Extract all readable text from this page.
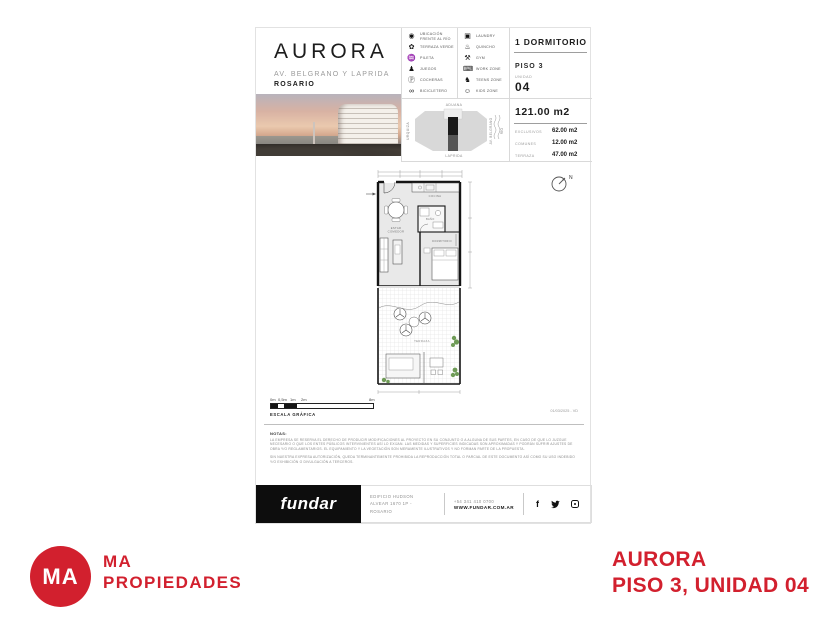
AURORA
AV. BELGRANO Y LAPRIDA
ROSARIO
◉	UBICACIÓN FRENTE AL RÍO
✿	TERRAZA VERDE
♒ PILETA
♟	JUEGOS
Ⓟ COCHERAS
∞	BICICLETERO
▣	LAUNDRY
♨	QUINCHO
⚒	GYM
⌨ WORK ZONE
♞	TEENS ZONE
☺ KIDS ZONE
1 DORMITORIO
PISO 3
UNIDAD
04
ADUANA
URQUIZA
LAPRIDA
AV. BELGRANO RÍO
121.00 m2
EXCLUSIVOS 62.00 m2
COMUNES	12.00 m2
TERRAZA	47.00 m2
N
COCINA
ESTAR
COMEDOR
BAÑO
DORMITORIO
TERRAZA
0m 0,5m 1m 2m	8m
ESCALA GRÁFICA
01/03/2025 - VD
NOTAS:

LA EMPRESA SE RESERVA EL DERECHO DE PRODUCIR MODIFICACIONES AL PROYECTO EN SU CONJUNTO O A ALGUNA DE SUS PARTES, EN CASO DE QUE LO JUZGUE NECESARIO O QUE LOS ENTES PÚBLICOS INTERVINIENTES ASÍ LO EXIJAN. LAS MEDIDAS Y SUPERFICIES INDICADAS SON APROXIMADAS Y PODRÁN SUFRIR AJUSTES DE OBRA Y/O REGLAMENTARIOS. EL EQUIPAMIENTO Y LA VEGETACIÓN SON MERAMENTE ILUSTRATIVOS Y NO FORMAN PARTE DE LA PROPUESTA.

SIN NUESTRA EXPRESA AUTORIZACIÓN, QUEDA TERMINANTEMENTE PROHIBIDA LA REPRODUCCIÓN TOTAL O PARCIAL DE ESTE DOCUMENTO ASÍ COMO SU USO INDEBIDO Y/O EXHIBICIÓN O DIVULGACIÓN A TERCEROS.

fundar	EDIFICIO HUDSON
ALVEAR 1670 1P - ROSARIO
+54 341 410 0700
WWW.FUNDAR.COM.AR f
MA
MA
PROPIEDADES
AURORA
PISO 3, UNIDAD 04
